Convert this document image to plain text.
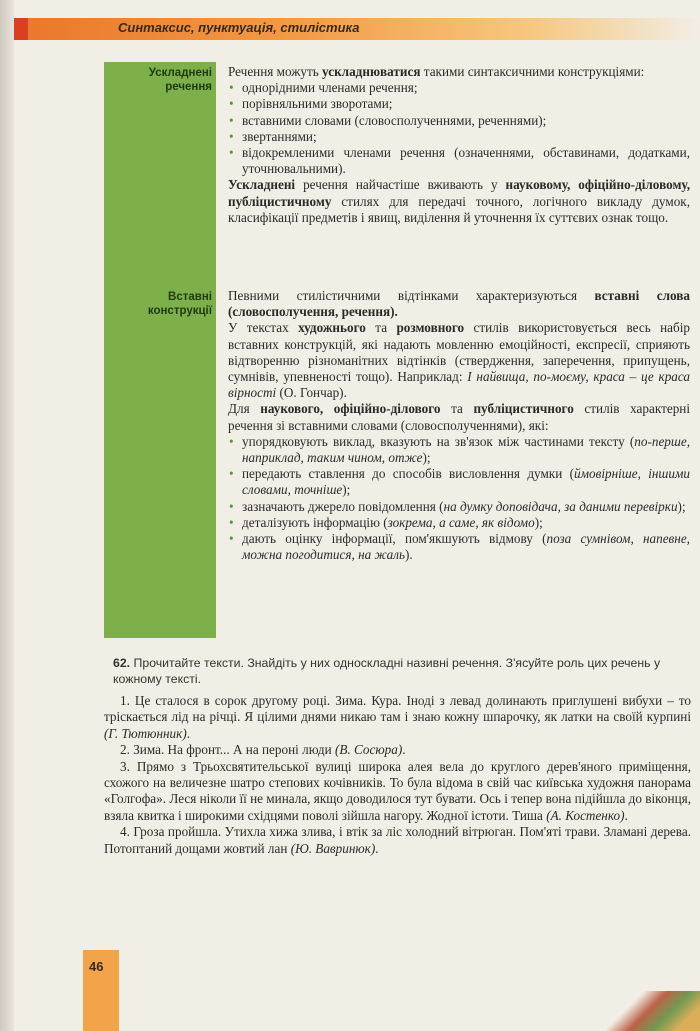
Синтаксис, пунктуація, стилістика
Ускладнені речення
Вставні конструкції

Речення можуть ускладнюватися такими синтаксичними конструкціями:

• однорідними членами речення;

• порівняльними зворотами;

• вставними словами (словосполученнями, реченнями);

• звертаннями;

• відокремленими членами речення (означеннями, обставинами, додатками, уточнювальними).

Ускладнені речення найчастіше вживають у науковому, офіційно-діловому, публіцистичному стилях для передачі точного, логічного викладу думок, класифікації предметів і явищ, виділення й уточнення їх суттєвих ознак тощо.

Певними стилістичними відтінками характеризуються вставні слова (словосполучення, речення).

У текстах художнього та розмовного стилів використовується весь набір вставних конструкцій, які надають мовленню емоційності, експресії, сприяють відтворенню різноманітних відтінків (ствердження, заперечення, припущень, сумнівів, упевненості тощо). Наприклад: І найвища, по-моєму, краса – це краса вірності (О. Гончар).

Для наукового, офіційно-ділового та публіцистичного стилів характерні речення зі вставними словами (словосполученнями), які:

• упорядковують виклад, вказують на зв'язок між частинами тексту (по-перше, наприклад, таким чином, отже);

• передають ставлення до способів висловлення думки (ймовірніше, іншими словами, точніше);

• зазначають джерело повідомлення (на думку доповідача, за даними перевірки);

• деталізують інформацію (зокрема, а саме, як відомо);

• дають оцінку інформації, пом'якшують відмову (поза сумнівом, напевне, можна погодитися, на жаль).

62. Прочитайте тексти. Знайдіть у них односкладні називні речення. З'ясуйте роль цих речень у кожному тексті.

1. Це сталося в сорок другому році. Зима. Кура. Іноді з левад долинають приглушені вибухи – то тріскається лід на річці. Я цілими днями никаю там і знаю кожну шпарочку, як латки на своїй курпині (Г. Тютюнник).

2. Зима. На фронт... А на пероні люди (В. Сосюра).

3. Прямо з Трьохсвятительської вулиці широка алея вела до круглого дерев'яного приміщення, схожого на величезне шатро степових кочівників. То була відома в свій час київська художня панорама «Голгофа». Леся ніколи її не минала, якщо доводилося тут бувати. Ось і тепер вона підійшла до віконця, взяла квитка і широкими східцями поволі зійшла нагору. Жодної істоти. Тиша (А. Костенко).

4. Гроза пройшла. Утихла хижа злива, і втік за ліс холодний вітрюган. Пом'яті трави. Зламані дерева. Потоптаний дощами жовтий лан (Ю. Вавринюк).

46
